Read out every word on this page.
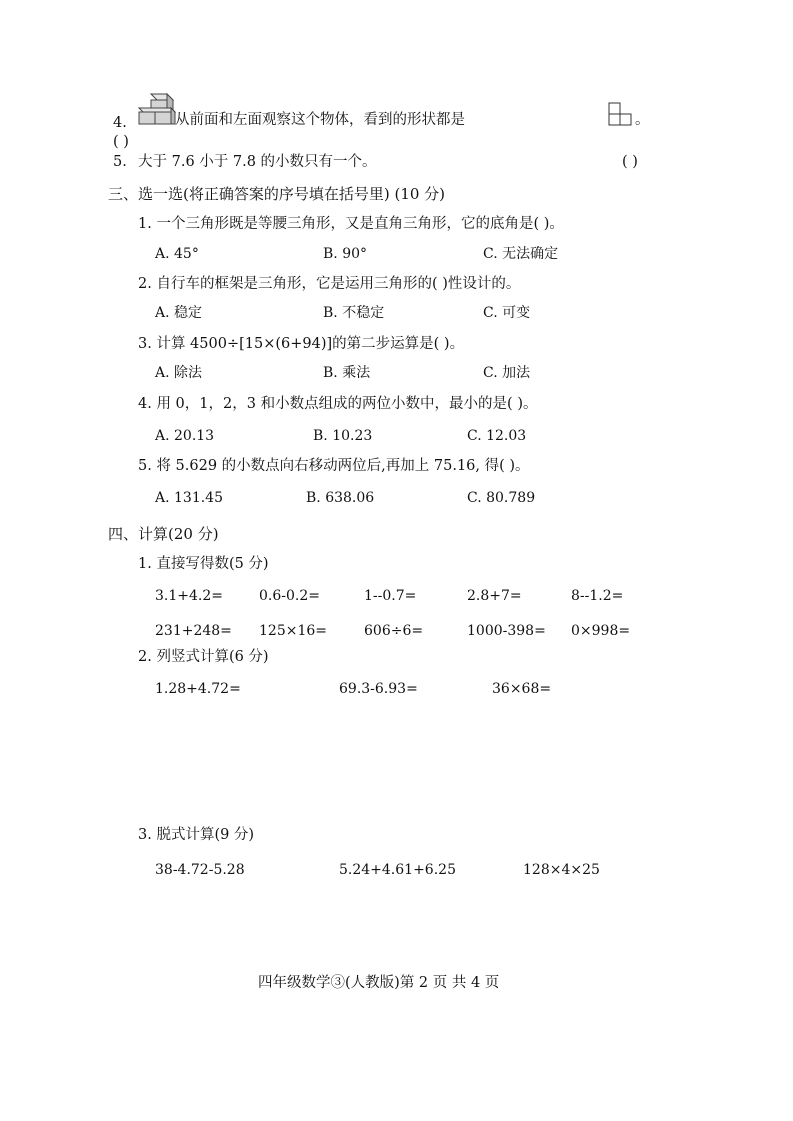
4.	从前面和左面观察这个物体，看到的形状都是	。
( )
5. 大于 7.6 小于 7.8 的小数只有一个。	( )
三、选一选(将正确答案的序号填在括号里) (10 分)
1. 一个三角形既是等腰三角形，又是直角三角形，它的底角是( )。
A. 45°	B. 90°	C. 无法确定
2. 自行车的框架是三角形，它是运用三角形的( )性设计的。
A. 稳定	B. 不稳定	C. 可变
3. 计算 4500÷[15×(6+94)]的第二步运算是( )。
A. 除法	B. 乘法	C. 加法
4. 用 0，1，2，3 和小数点组成的两位小数中，最小的是( )。
A. 20.13	B. 10.23	C. 12.03
5. 将 5.629 的小数点向右移动两位后,再加上 75.16, 得( )。
A. 131.45	B. 638.06	C. 80.789
四、计算(20 分)
1. 直接写得数(5 分)
3.1+4.2=	0.6-0.2=	1--0.7=	2.8+7=	8--1.2=
231+248= 125×16=	606÷6=	1000-398= 0×998=
2. 列竖式计算(6 分)
1.28+4.72=	69.3-6.93=	36×68=
3. 脱式计算(9 分)
38-4.72-5.28	5.24+4.61+6.25	128×4×25
四年级数学③(人教版)第 2 页 共 4 页
